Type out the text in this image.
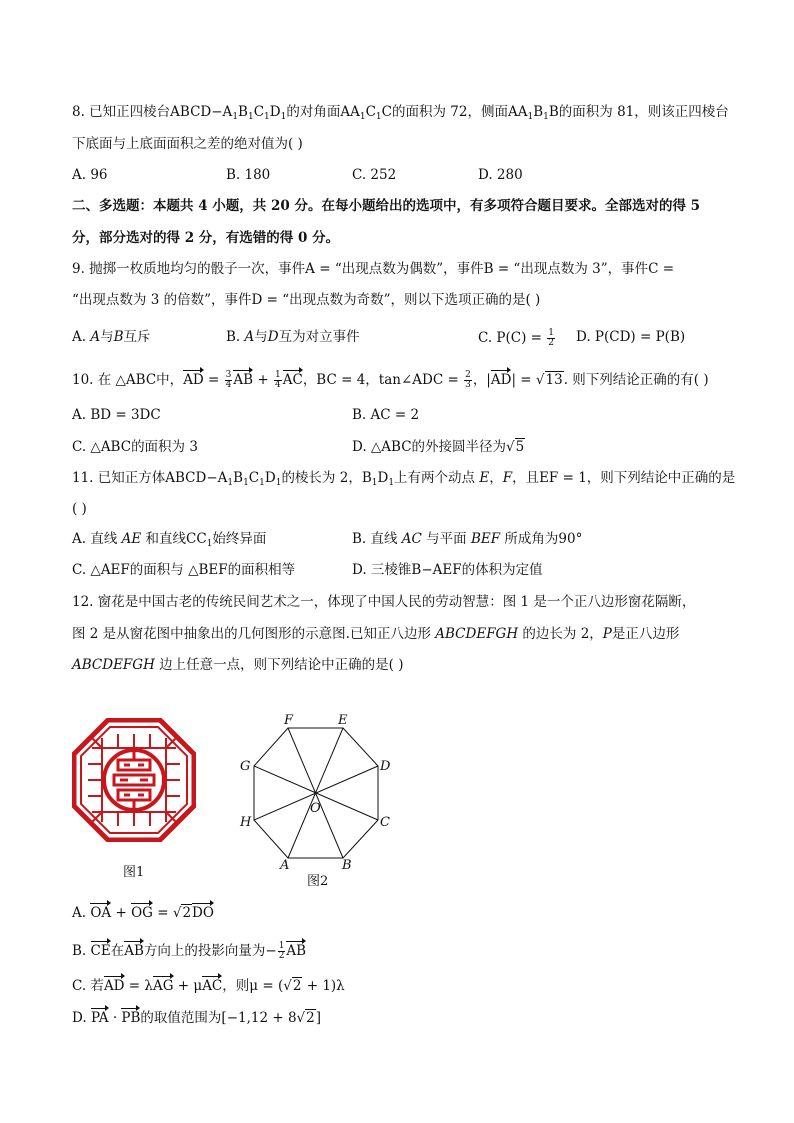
8. 已知正四棱台$ABCD-A_1B_1C_1D_1$的对角面$AA_1C_1C$的面积为 72，侧面$AA_1B_1B$的面积为 81，则该正四棱台
下底面与上底面面积之差的绝对值为( )
A. 96	B. 180	C. 252	D. 280
二、多选题：本题共 4 小题，共 20 分。在每小题给出的选项中，有多项符合题目要求。全部选对的得 5
分，部分选对的得 2 分，有选错的得 0 分。
9. 抛掷一枚质地均匀的骰子一次，事件A = “出现点数为偶数”，事件B = “出现点数为 3”，事件C =
“出现点数为 3 的倍数”，事件D = “出现点数为奇数”，则以下选项正确的是( )
A. A与B互斥	B. A与D互为对立事件	C. $P(C) = \frac{1}{2} D$. P(CD) = P(B)
10. 在 △ABC中，AD = $\frac{3}{4}$ AB + $\frac{1}{4}$ AC，BC = 4，tan∠ADC = $\frac{2}{3}$ ，|AD| = √13. 则下列结论正确的有( )
A. BD = 3DC	B. AC = 2
C. △ABC的面积为 3	D. △ABC的外接圆半径为√5
11. 已知正方体$ABCD-A_1B_1C_1D_1$的棱长为 2，$B_1D_1$上有两个动点 E，F，且EF = 1，则下列结论中正确的是
( )
A. 直线 AE 和直线$CC_1$始终异面	B. 直线 AC 与平面 BEF 所成角为90°
C. △AEF的面积与 △BEF的面积相等	D. 三棱锥B−AEF的体积为定值
12. 窗花是中国古老的传统民间艺术之一，体现了中国人民的劳动智慧：图 1 是一个正八边形窗花隔断，
图 2 是从窗花图中抽象出的几何图形的示意图.已知正八边形 ABCDEFGH 的边长为 2，P是正八边形
ABCDEFGH 边上任意一点，则下列结论中正确的是( )
图1	A	B
C
D
E
F
G
H
O
图2
A. OA + OG = √2DO
B. CE在AB方向上的投影向量为− $\frac{1}{2}$ AB
C. 若AD = λAG + μAC，则μ = (√2 + 1)λ
D. PA · PB的取值范围为[−1,12 + 8√2]
